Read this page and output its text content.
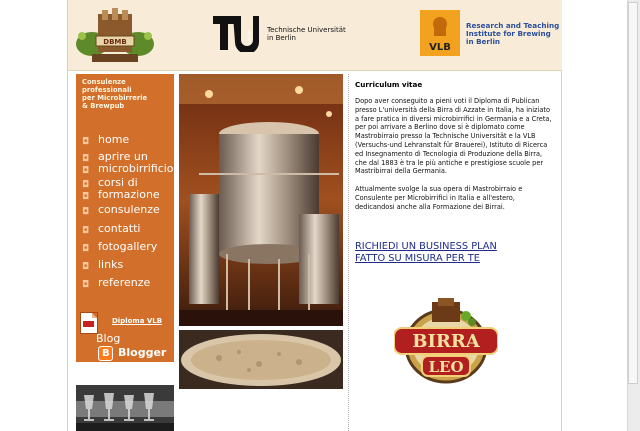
DBMB	berlin Technische Universität
in Berlin
VLB
Research and Teaching
Institute for Brewing
in Berlin
Consulenze
professionali
per Microbirrerie
& Brewpub
◘ home
◘ aprire un
◘ microbirrificio
◘ corsi di
◘ formazione
◘ consulenze
◘ contatti
◘ fotogallery
◘ links
◘ referenze
Diploma VLB
Blog
B Blogger
Curriculum vitae

Dopo aver conseguito a pieni voti il Diploma di Publican presso L'università della Birra di Azzate in Italia, ha iniziato a fare pratica in diversi microbirrifici in Germania e a Creta, per poi arrivare a Berlino dove si è diplomato come Mastrobirraio presso la Technische Universität e la VLB (Versuchs-und Lehranstalt für Brauerei), Istituto di Ricerca ed Insegnamento di Tecnologia di Produzione della Birra, che dal 1883 è tra le più antiche e prestigiose scuole per Mastribirrai della Germania.

Attualmente svolge la sua opera di Mastrobirraio e Consulente per Microbirrifici in Italia e all'estero, dedicandosi anche alla Formazione dei Birrai.

RICHIEDI UN BUSINESS PLAN
FATTO SU MISURA PER TE
BIRRA
LEO
